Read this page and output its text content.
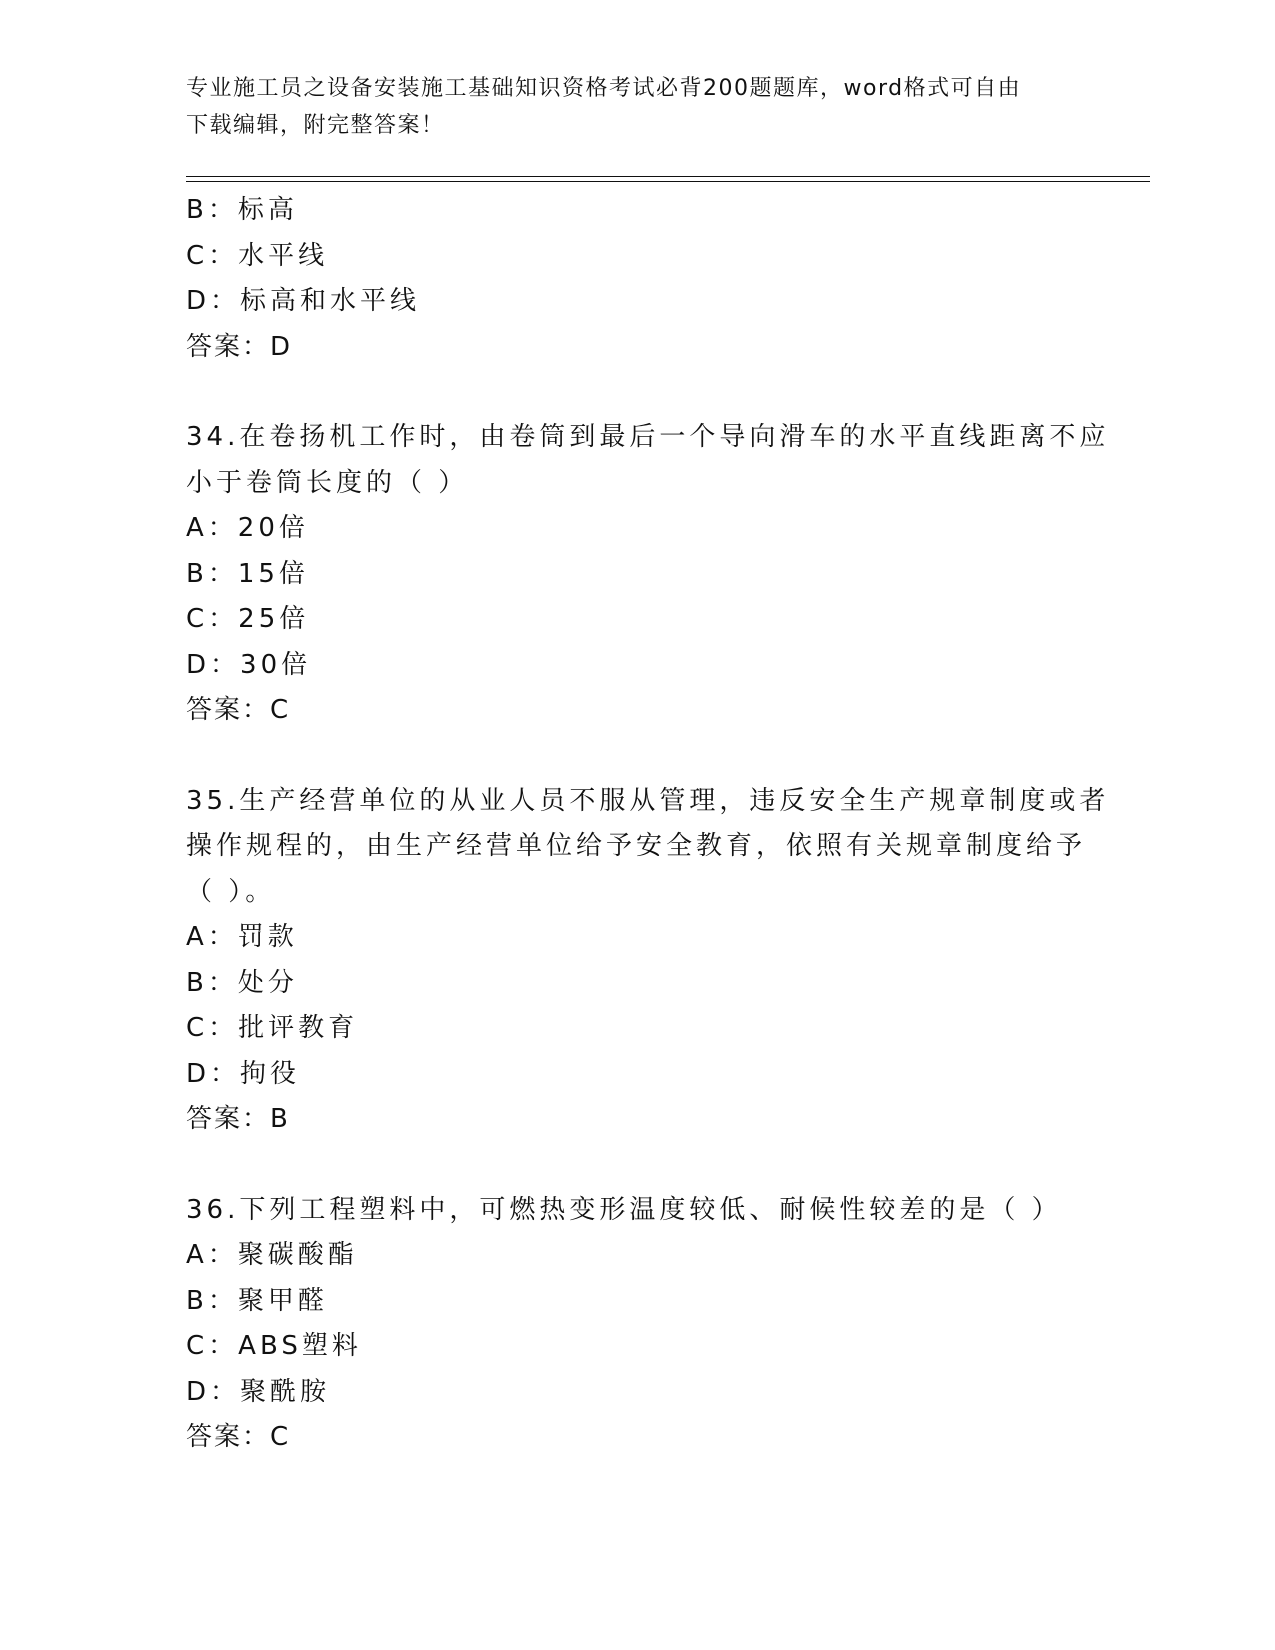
专业施工员之设备安装施工基础知识资格考试必背200题题库，word格式可自由
下载编辑，附完整答案！
B：标高
C：水平线
D：标高和水平线
答案：D
34.在卷扬机工作时，由卷筒到最后一个导向滑车的水平直线距离不应
小于卷筒长度的（ ）
A：20倍
B：15倍
C：25倍
D：30倍
答案：C
35.生产经营单位的从业人员不服从管理，违反安全生产规章制度或者
操作规程的，由生产经营单位给予安全教育，依照有关规章制度给予
（ ）。
A：罚款
B：处分
C：批评教育
D：拘役
答案：B
36.下列工程塑料中，可燃热变形温度较低、耐候性较差的是（ ）
A：聚碳酸酯
B：聚甲醛
C：ABS塑料
D：聚酰胺
答案：C
